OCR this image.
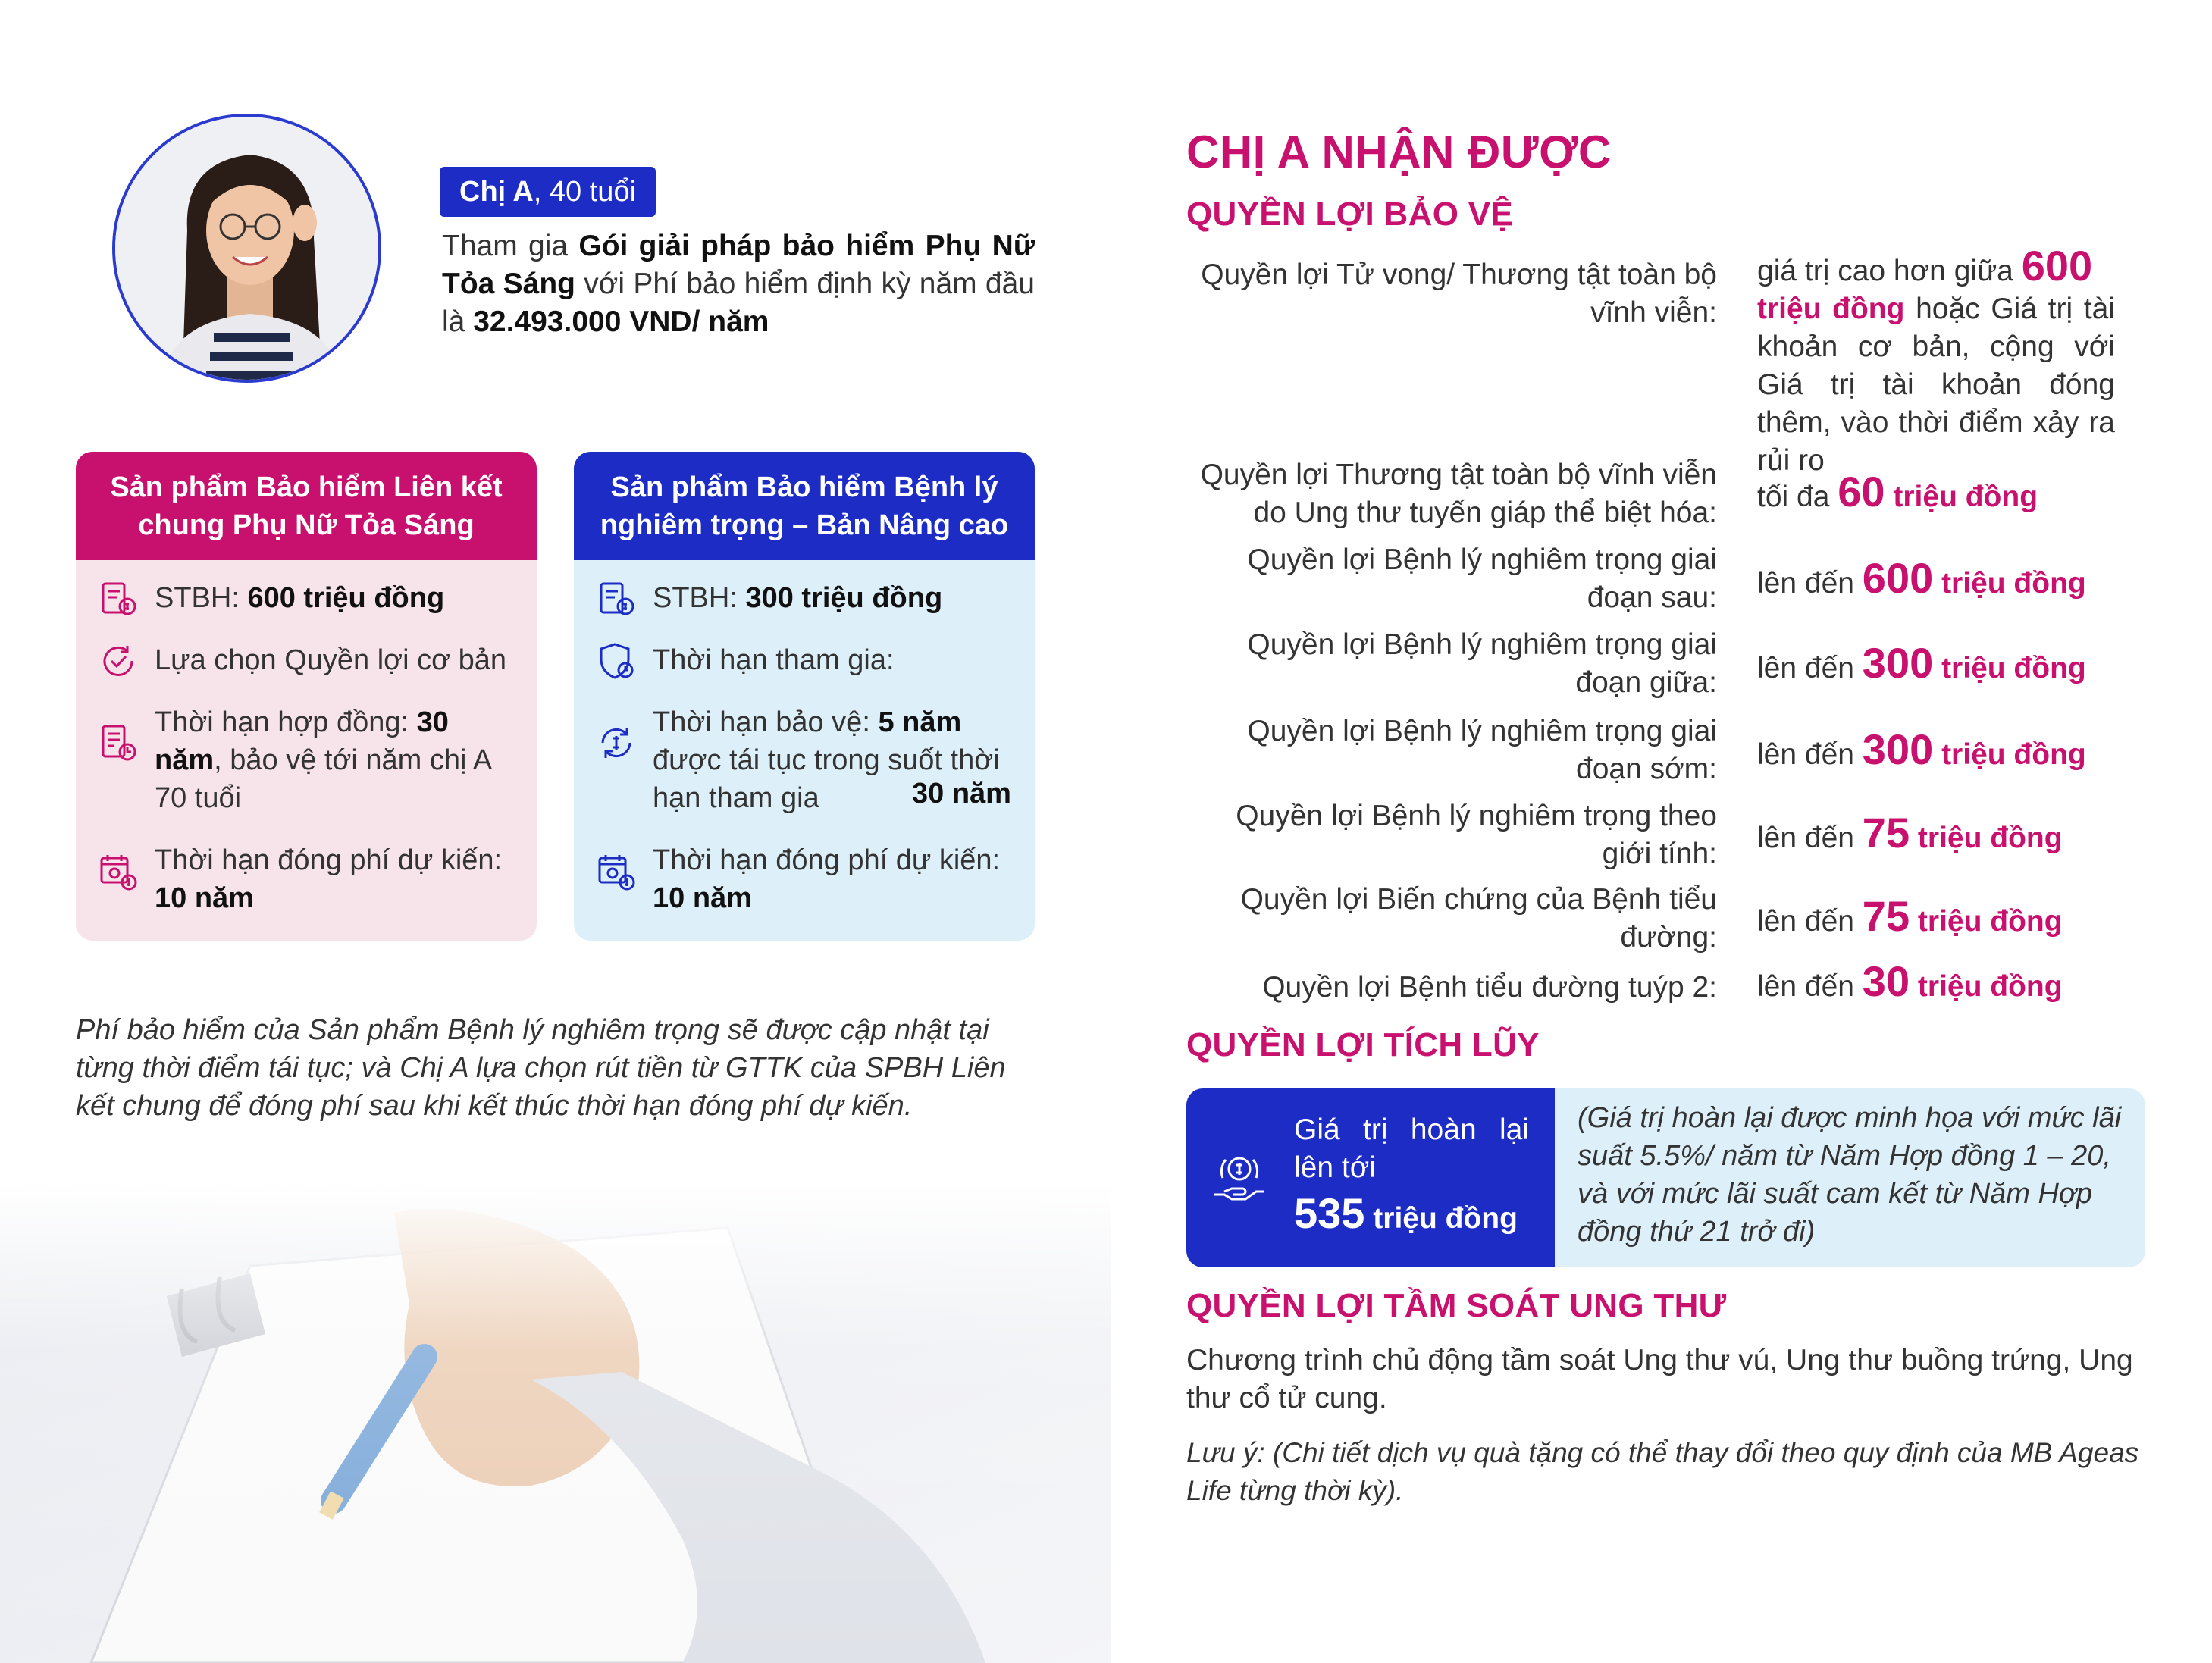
Chị A, 40 tuổi
Tham gia Gói giải pháp bảo hiểm Phụ Nữ Tỏa Sáng với Phí bảo hiểm định kỳ năm đầu là 32.493.000 VND/ năm
Sản phẩm Bảo hiểm Liên kết chung Phụ Nữ Tỏa Sáng
STBH: 600 triệu đồng
Lựa chọn Quyền lợi cơ bản
Thời hạn hợp đồng: 30 năm, bảo vệ tới năm chị A 70 tuổi
Thời hạn đóng phí dự kiến:
10 năm
Sản phẩm Bảo hiểm Bệnh lý nghiêm trọng – Bản Nâng cao
STBH: 300 triệu đồng
Thời hạn tham gia:
Thời hạn bảo vệ: 5 năm được tái tục trong suốt thời hạn tham gia	30 năm
Thời hạn đóng phí dự kiến:
10 năm
Phí bảo hiểm của Sản phẩm Bệnh lý nghiêm trọng sẽ được cập nhật tại từng thời điểm tái tục; và Chị A lựa chọn rút tiền từ GTTK của SPBH Liên kết chung để đóng phí sau khi kết thúc thời hạn đóng phí dự kiến.
CHỊ A NHẬN ĐƯỢC
QUYỀN LỢI BẢO VỆ
Quyền lợi Tử vong/ Thương tật toàn bộ vĩnh viễn:
giá trị cao hơn giữa 600
triệu đồng hoặc Giá trị tài khoản cơ bản, cộng với Giá trị tài khoản đóng thêm, vào thời điểm xảy ra rủi ro
Quyền lợi Thương tật toàn bộ vĩnh viễn do Ung thư tuyến giáp thể biệt hóa: tối đa 60 triệu đồng
Quyền lợi Bệnh lý nghiêm trọng giai đoạn sau: lên đến 600 triệu đồng
Quyền lợi Bệnh lý nghiêm trọng giai đoạn giữa: lên đến 300 triệu đồng
Quyền lợi Bệnh lý nghiêm trọng giai đoạn sớm: lên đến 300 triệu đồng
Quyền lợi Bệnh lý nghiêm trọng theo giới tính: lên đến 75 triệu đồng
Quyền lợi Biến chứng của Bệnh tiểu đường: lên đến 75 triệu đồng
Quyền lợi Bệnh tiểu đường tuýp 2: lên đến 30 triệu đồng
QUYỀN LỢI TÍCH LŨY
Giá trị hoàn lại
lên tới
535 triệu đồng
(Giá trị hoàn lại được minh họa với mức lãi suất 5.5%/ năm từ Năm Hợp đồng 1 – 20, và với mức lãi suất cam kết từ Năm Hợp đồng thứ 21 trở đi)
QUYỀN LỢI TẦM SOÁT UNG THƯ
Chương trình chủ động tầm soát Ung thư vú, Ung thư buồng trứng, Ung thư cổ tử cung.
Lưu ý: (Chi tiết dịch vụ quà tặng có thể thay đổi theo quy định của MB Ageas Life từng thời kỳ).
